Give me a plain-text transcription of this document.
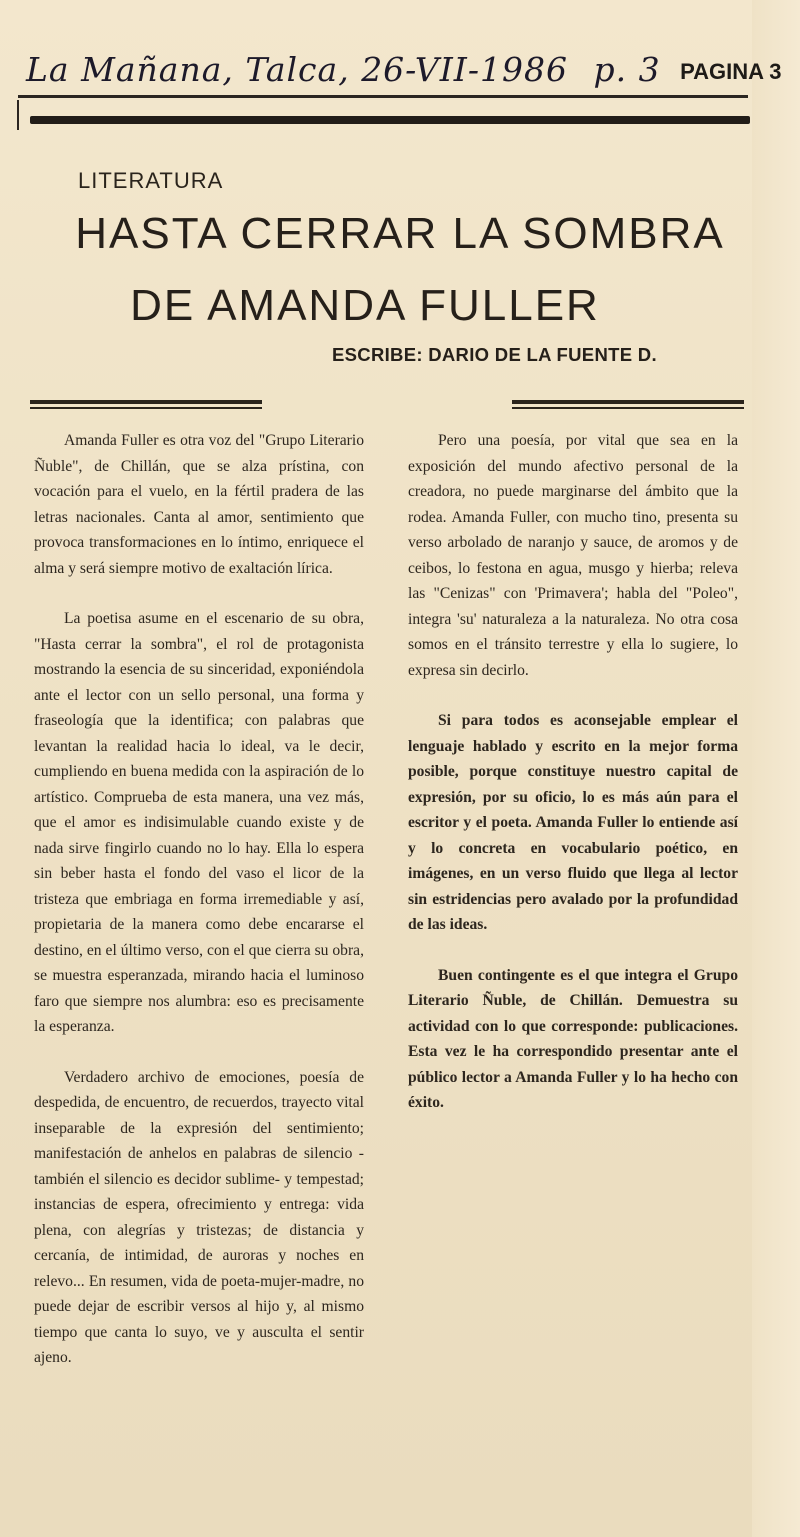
La Mañana, Talca, 26-VII-1986 p. 3 PAGINA 3
LITERATURA
HASTA CERRAR LA SOMBRA
DE AMANDA FULLER
ESCRIBE: DARIO DE LA FUENTE D.

Amanda Fuller es otra voz del "Grupo Literario Ñuble", de Chillán, que se alza prístina, con vocación para el vuelo, en la fértil pradera de las letras nacionales. Canta al amor, sentimiento que provoca transformaciones en lo íntimo, enriquece el alma y será siempre motivo de exaltación lírica.

La poetisa asume en el escenario de su obra, "Hasta cerrar la sombra", el rol de protagonista mostrando la esencia de su sinceridad, exponiéndola ante el lector con un sello personal, una forma y fraseología que la identifica; con palabras que levantan la realidad hacia lo ideal, va le decir, cumpliendo en buena medida con la aspiración de lo artístico. Comprueba de esta manera, una vez más, que el amor es indisimulable cuando existe y de nada sirve fingirlo cuando no lo hay. Ella lo espera sin beber hasta el fondo del vaso el licor de la tristeza que embriaga en forma irremediable y así, propietaria de la manera como debe encararse el destino, en el último verso, con el que cierra su obra, se muestra esperanzada, mirando hacia el luminoso faro que siempre nos alumbra: eso es precisamente la esperanza.

Verdadero archivo de emociones, poesía de despedida, de encuentro, de recuerdos, trayecto vital inseparable de la expresión del sentimiento; manifestación de anhelos en palabras de silencio -también el silencio es decidor sublime- y tempestad; instancias de espera, ofrecimiento y entrega: vida plena, con alegrías y tristezas; de distancia y cercanía, de intimidad, de auroras y noches en relevo... En resumen, vida de poeta-mujer-madre, no puede dejar de escribir versos al hijo y, al mismo tiempo que canta lo suyo, ve y ausculta el sentir ajeno.

Pero una poesía, por vital que sea en la exposición del mundo afectivo personal de la creadora, no puede marginarse del ámbito que la rodea. Amanda Fuller, con mucho tino, presenta su verso arbolado de naranjo y sauce, de aromos y de ceibos, lo festona en agua, musgo y hierba; releva las "Cenizas" con 'Primavera'; habla del "Poleo", integra 'su' naturaleza a la naturaleza. No otra cosa somos en el tránsito terrestre y ella lo sugiere, lo expresa sin decirlo.

Si para todos es aconsejable emplear el lenguaje hablado y escrito en la mejor forma posible, porque constituye nuestro capital de expresión, por su oficio, lo es más aún para el escritor y el poeta. Amanda Fuller lo entiende así y lo concreta en vocabulario poético, en imágenes, en un verso fluido que llega al lector sin estridencias pero avalado por la profundidad de las ideas.

Buen contingente es el que integra el Grupo Literario Ñuble, de Chillán. Demuestra su actividad con lo que corresponde: publicaciones. Esta vez le ha correspondido presentar ante el público lector a Amanda Fuller y lo ha hecho con éxito.
